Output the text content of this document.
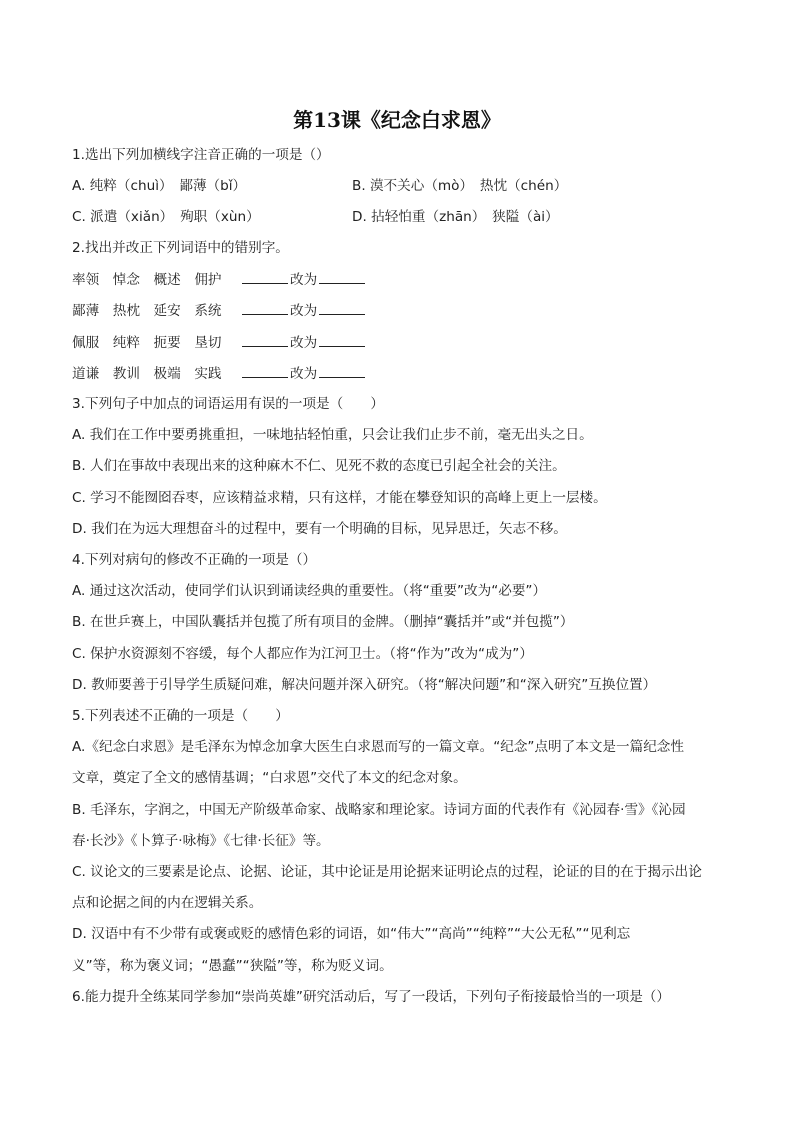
第13课《纪念白求恩》
1.选出下列加横线字注音正确的一项是（）
A. 纯粹（chuì）　鄙薄（bǐ）	B. 漠不关心（mò）　热忱（chén）
C. 派遣（xiǎn）　殉职（xùn）	D. 拈轻怕重（zhān）　狭隘（ài）
2.找出并改正下列词语中的错别字。
率领　悼念　概述　佣护	改为
鄙薄　热枕　延安　系统	改为
佩服　纯粹　扼要　垦切	改为
道谦　教训　极端　实践	改为
3.下列句子中加点的词语运用有误的一项是（　　）
A. 我们在工作中要勇挑重担，一味地拈轻怕重，只会让我们止步不前，毫无出头之日。
B. 人们在事故中表现出来的这种麻木不仁、见死不救的态度已引起全社会的关注。
C. 学习不能囫囵吞枣，应该精益求精，只有这样，才能在攀登知识的高峰上更上一层楼。
D. 我们在为远大理想奋斗的过程中，要有一个明确的目标，见异思迁，矢志不移。
4.下列对病句的修改不正确的一项是（）
A. 通过这次活动，使同学们认识到诵读经典的重要性。（将“重要”改为“必要”）
B. 在世乒赛上，中国队囊括并包揽了所有项目的金牌。（删掉“囊括并”或“并包揽”）
C. 保护水资源刻不容缓，每个人都应作为江河卫士。（将“作为”改为“成为”）
D. 教师要善于引导学生质疑问难，解决问题并深入研究。（将“解决问题”和“深入研究”互换位置）
5.下列表述不正确的一项是（　　）
A.《纪念白求恩》是毛泽东为悼念加拿大医生白求恩而写的一篇文章。“纪念”点明了本文是一篇纪念性
文章，奠定了全文的感情基调；“白求恩”交代了本文的纪念对象。
B. 毛泽东，字润之，中国无产阶级革命家、战略家和理论家。诗词方面的代表作有《沁园春·雪》《沁园
春·长沙》《卜算子·咏梅》《七律·长征》等。
C. 议论文的三要素是论点、论据、论证，其中论证是用论据来证明论点的过程，论证的目的在于揭示出论
点和论据之间的内在逻辑关系。
D. 汉语中有不少带有或褒或贬的感情色彩的词语，如“伟大”“高尚”“纯粹”“大公无私”“见利忘
义”等，称为褒义词；“愚蠢”“狭隘”等，称为贬义词。
6.能力提升全练某同学参加“崇尚英雄”研究活动后，写了一段话，下列句子衔接最恰当的一项是（）
